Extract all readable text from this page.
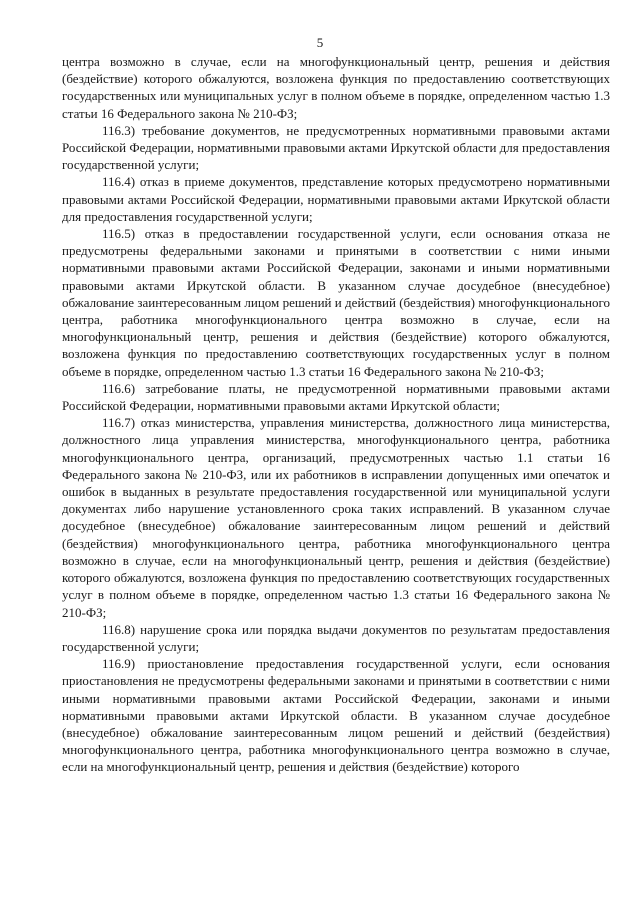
5

центра возможно в случае, если на многофункциональный центр, решения и действия (бездействие) которого обжалуются, возложена функция по предоставлению соответствующих государственных или муниципальных услуг в полном объеме в порядке, определенном частью 1.3 статьи 16 Федерального закона № 210-ФЗ;

116.3) требование документов, не предусмотренных нормативными правовыми актами Российской Федерации, нормативными правовыми актами Иркутской области для предоставления государственной услуги;

116.4) отказ в приеме документов, представление которых предусмотрено нормативными правовыми актами Российской Федерации, нормативными правовыми актами Иркутской области для предоставления государственной услуги;

116.5) отказ в предоставлении государственной услуги, если основания отказа не предусмотрены федеральными законами и принятыми в соответствии с ними иными нормативными правовыми актами Российской Федерации, законами и иными нормативными правовыми актами Иркутской области. В указанном случае досудебное (внесудебное) обжалование заинтересованным лицом решений и действий (бездействия) многофункционального центра, работника многофункционального центра возможно в случае, если на многофункциональный центр, решения и действия (бездействие) которого обжалуются, возложена функция по предоставлению соответствующих государственных услуг в полном объеме в порядке, определенном частью 1.3 статьи 16 Федерального закона № 210-ФЗ;

116.6) затребование платы, не предусмотренной нормативными правовыми актами Российской Федерации, нормативными правовыми актами Иркутской области;

116.7) отказ министерства, управления министерства, должностного лица министерства, должностного лица управления министерства, многофункционального центра, работника многофункционального центра, организаций, предусмотренных частью 1.1 статьи 16 Федерального закона № 210-ФЗ, или их работников в исправлении допущенных ими опечаток и ошибок в выданных в результате предоставления государственной или муниципальной услуги документах либо нарушение установленного срока таких исправлений. В указанном случае досудебное (внесудебное) обжалование заинтересованным лицом решений и действий (бездействия) многофункционального центра, работника многофункционального центра возможно в случае, если на многофункциональный центр, решения и действия (бездействие) которого обжалуются, возложена функция по предоставлению соответствующих государственных услуг в полном объеме в порядке, определенном частью 1.3 статьи 16 Федерального закона № 210-ФЗ;

116.8) нарушение срока или порядка выдачи документов по результатам предоставления государственной услуги;

116.9) приостановление предоставления государственной услуги, если основания приостановления не предусмотрены федеральными законами и принятыми в соответствии с ними иными нормативными правовыми актами Российской Федерации, законами и иными нормативными правовыми актами Иркутской области. В указанном случае досудебное (внесудебное) обжалование заинтересованным лицом решений и действий (бездействия) многофункционального центра, работника многофункционального центра возможно в случае, если на многофункциональный центр, решения и действия (бездействие) которого
